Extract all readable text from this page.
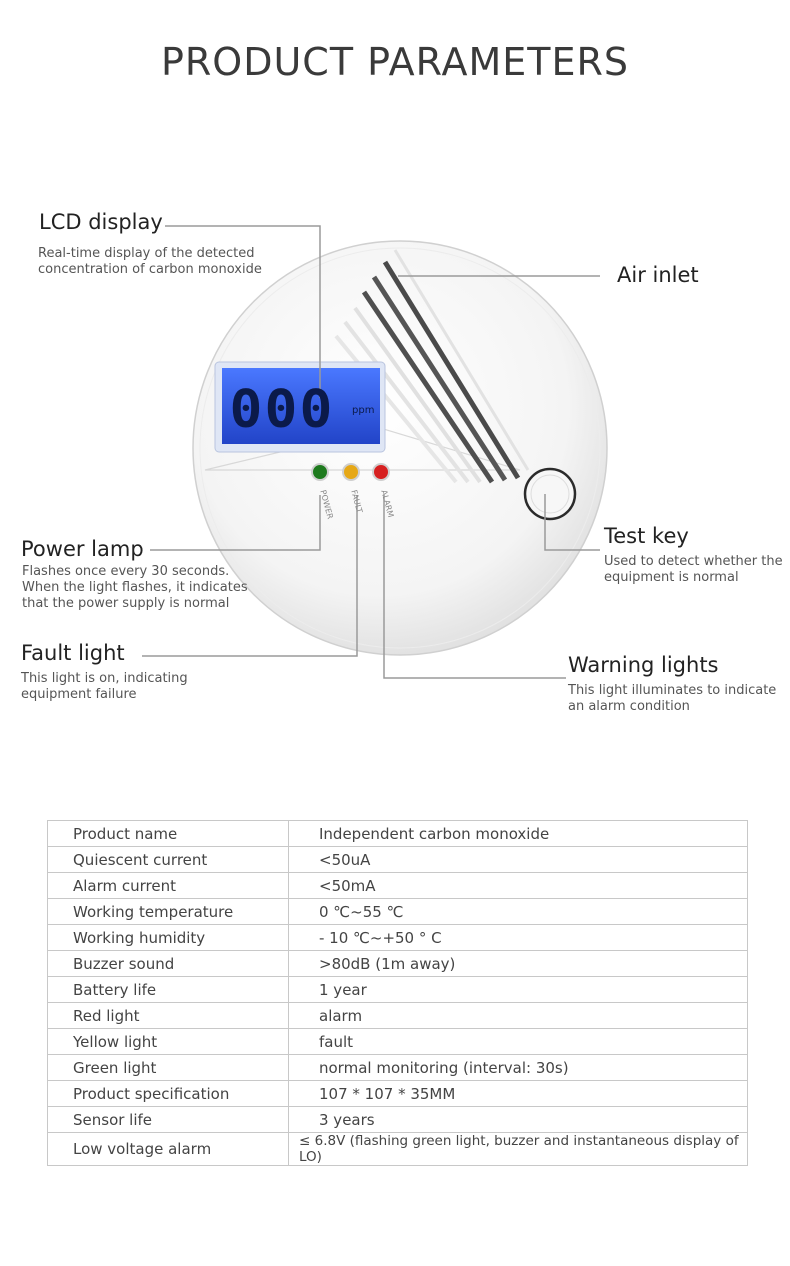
PRODUCT PARAMETERS
000 ppm
POWER FAULT ALARM
LCD display
Real-time display of the detected
concentration of carbon monoxide	Air inlet
Power lamp
Flashes once every 30 seconds.
When the light flashes, it indicates
that the power supply is normal
Test key
Used to detect whether the
equipment is normal
Fault light
This light is on, indicating
equipment failure
Warning lights
This light illuminates to indicate
an alarm condition
Product name	Independent carbon monoxide
Quiescent current	<50uA
Alarm current	<50mA
Working temperature	0 ℃~55 ℃
Working humidity	- 10 ℃~+50 ° C
Buzzer sound	>80dB (1m away)
Battery life	1 year
Red light	alarm
Yellow light	fault
Green light	normal monitoring (interval: 30s)
Product specification	107 * 107 * 35MM
Sensor life	3 years
Low voltage alarm	≤ 6.8V (flashing green light, buzzer and instantaneous display of LO)
